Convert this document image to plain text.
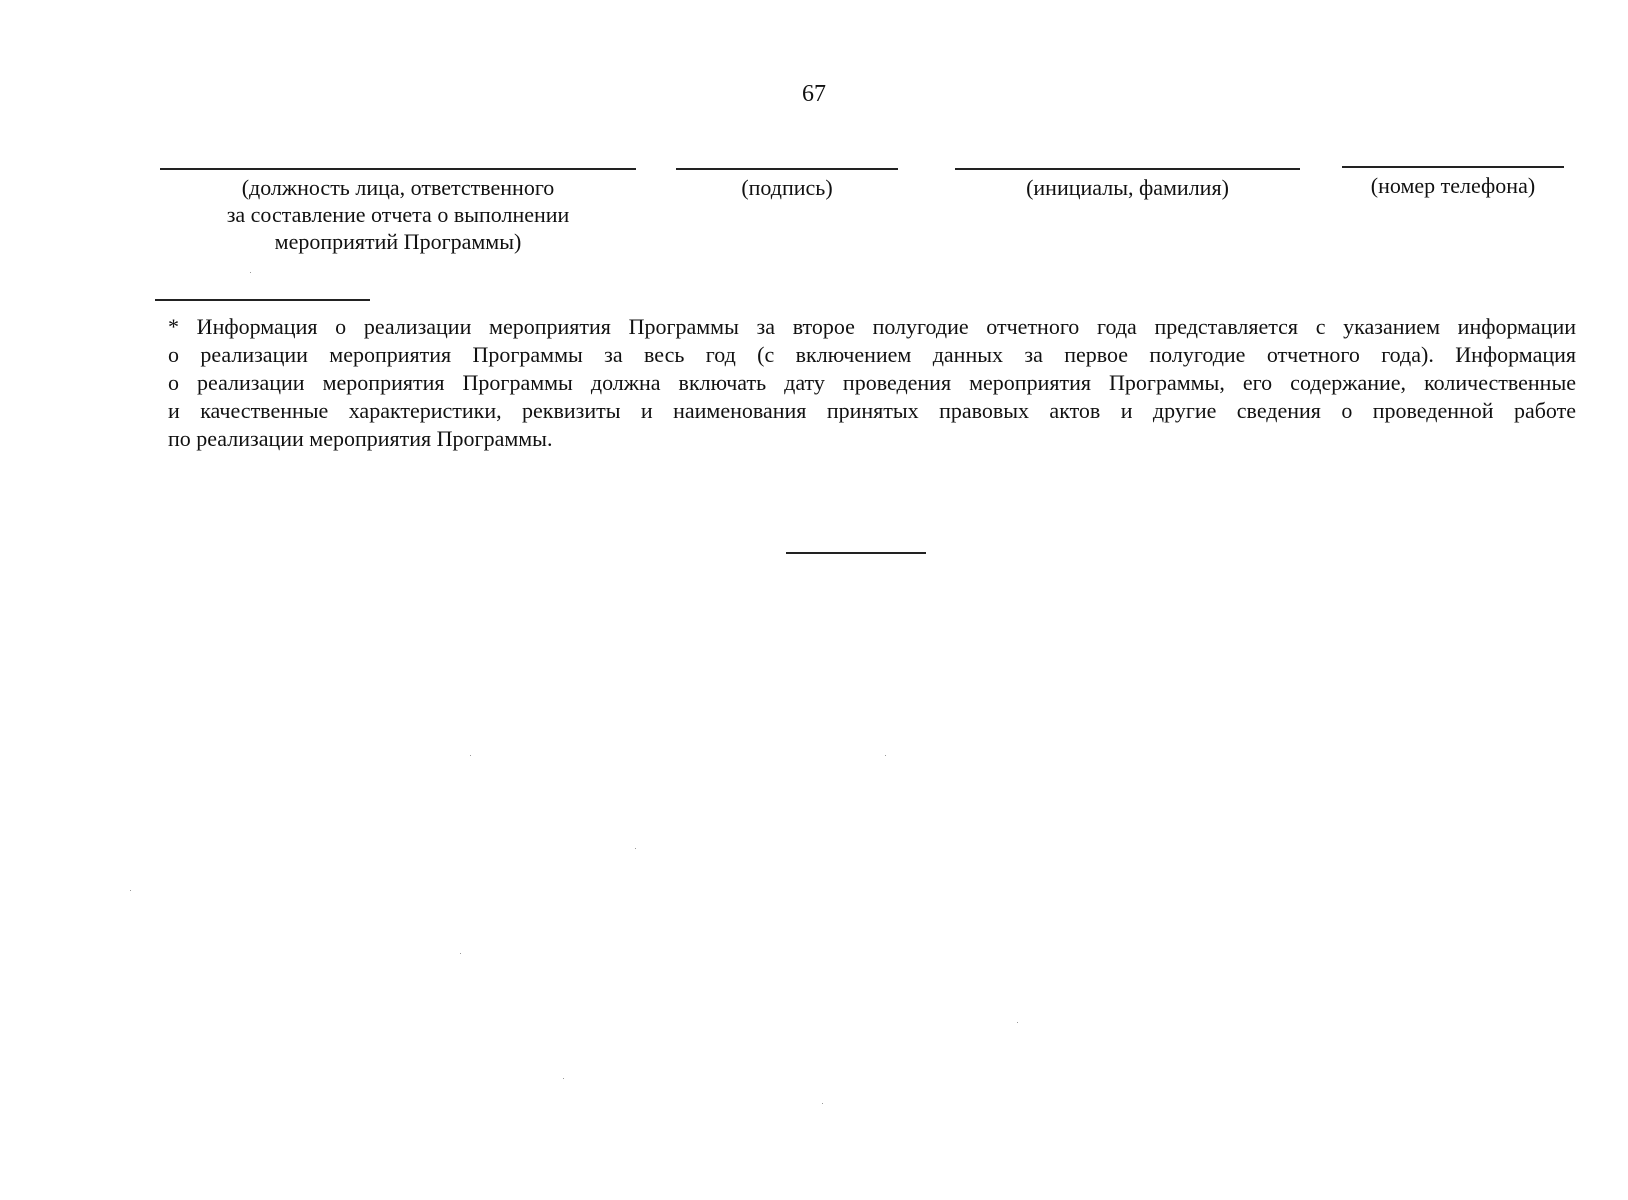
67
(должность лица, ответственного
за составление отчета о выполнении
мероприятий Программы)
(подпись)	(инициалы, фамилия)	(номер телефона)
* Информация о реализации мероприятия Программы за второе полугодие отчетного года представляется с указанием информации
о реализации мероприятия Программы за весь год (с включением данных за первое полугодие отчетного года). Информация
о реализации мероприятия Программы должна включать дату проведения мероприятия Программы, его содержание, количественные
и качественные характеристики, реквизиты и наименования принятых правовых актов и другие сведения о проведенной работе
по реализации мероприятия Программы.
